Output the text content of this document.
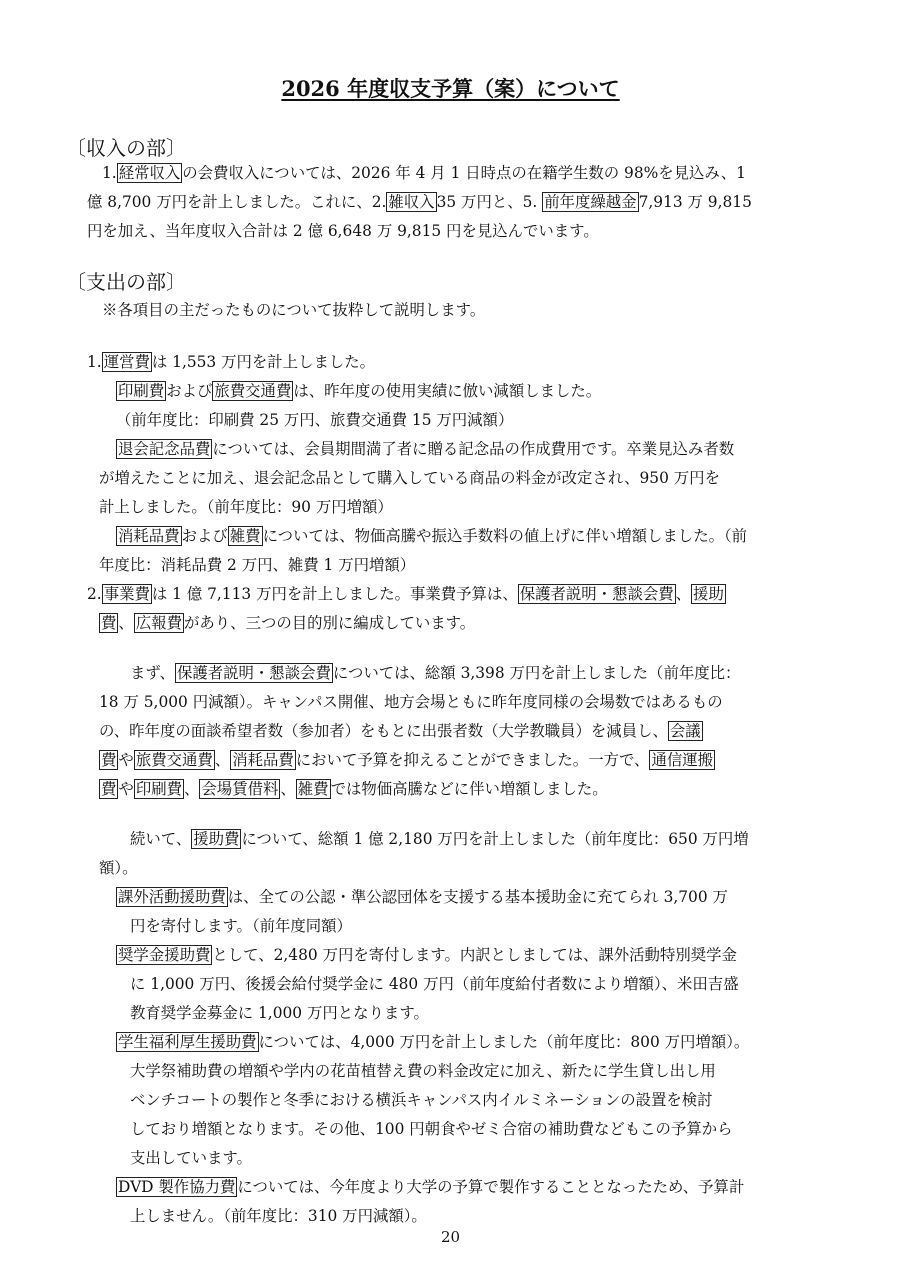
2026 年度収支予算（案）について
〔収入の部〕
1. 経常収入 の会費収入については、2026 年 4 月 1 日時点の在籍学生数の 98%を見込み、1
億 8,700 万円を計上しました。これに、2. 雑収入 35 万円と、5. 前年度繰越金 7,913 万 9,815
円を加え、当年度収入合計は 2 億 6,648 万 9,815 円を見込んでいます。
〔支出の部〕
※各項目の主だったものについて抜粋して説明します。
1. 運営費 は 1,553 万円を計上しました。
印刷費 および 旅費交通費 は、昨年度の使用実績に倣い減額しました。
（前年度比：印刷費 25 万円、旅費交通費 15 万円減額）
退会記念品費 については、会員期間満了者に贈る記念品の作成費用です。卒業見込み者数
が増えたことに加え、退会記念品として購入している商品の料金が改定され、950 万円を
計上しました。（前年度比：90 万円増額）
消耗品費 および 雑費 については、物価高騰や振込手数料の値上げに伴い増額しました。（前
年度比：消耗品費 2 万円、雑費 1 万円増額）
2. 事業費 は 1 億 7,113 万円を計上しました。事業費予算は、 保護者説明・懇談会費 、 援助
費 、 広報費 があり、三つの目的別に編成しています。
まず、 保護者説明・懇談会費 については、総額 3,398 万円を計上しました（前年度比：
18 万 5,000 円減額）。キャンパス開催、地方会場ともに昨年度同様の会場数ではあるもの
の、昨年度の面談希望者数（参加者）をもとに出張者数（大学教職員）を減員し、 会議
費 や 旅費交通費 、 消耗品費 において予算を抑えることができました。一方で、 通信運搬
費 や 印刷費 、 会場賃借料 、 雑費 では物価高騰などに伴い増額しました。
続いて、 援助費 について、総額 1 億 2,180 万円を計上しました（前年度比：650 万円増
額）。
課外活動援助費 は、全ての公認・準公認団体を支援する基本援助金に充てられ 3,700 万
円を寄付します。（前年度同額）
奨学金援助費 として、2,480 万円を寄付します。内訳としましては、課外活動特別奨学金
に 1,000 万円、後援会給付奨学金に 480 万円（前年度給付者数により増額）、米田吉盛
教育奨学金募金に 1,000 万円となります。
学生福利厚生援助費 については、4,000 万円を計上しました（前年度比：800 万円増額）。
大学祭補助費の増額や学内の花苗植替え費の料金改定に加え、新たに学生貸し出し用
ベンチコートの製作と冬季における横浜キャンパス内イルミネーションの設置を検討
しており増額となります。その他、100 円朝食やゼミ合宿の補助費などもこの予算から
支出しています。
DVD 製作協力費 については、今年度より大学の予算で製作することとなったため、予算計
上しません。（前年度比：310 万円減額）。
20
